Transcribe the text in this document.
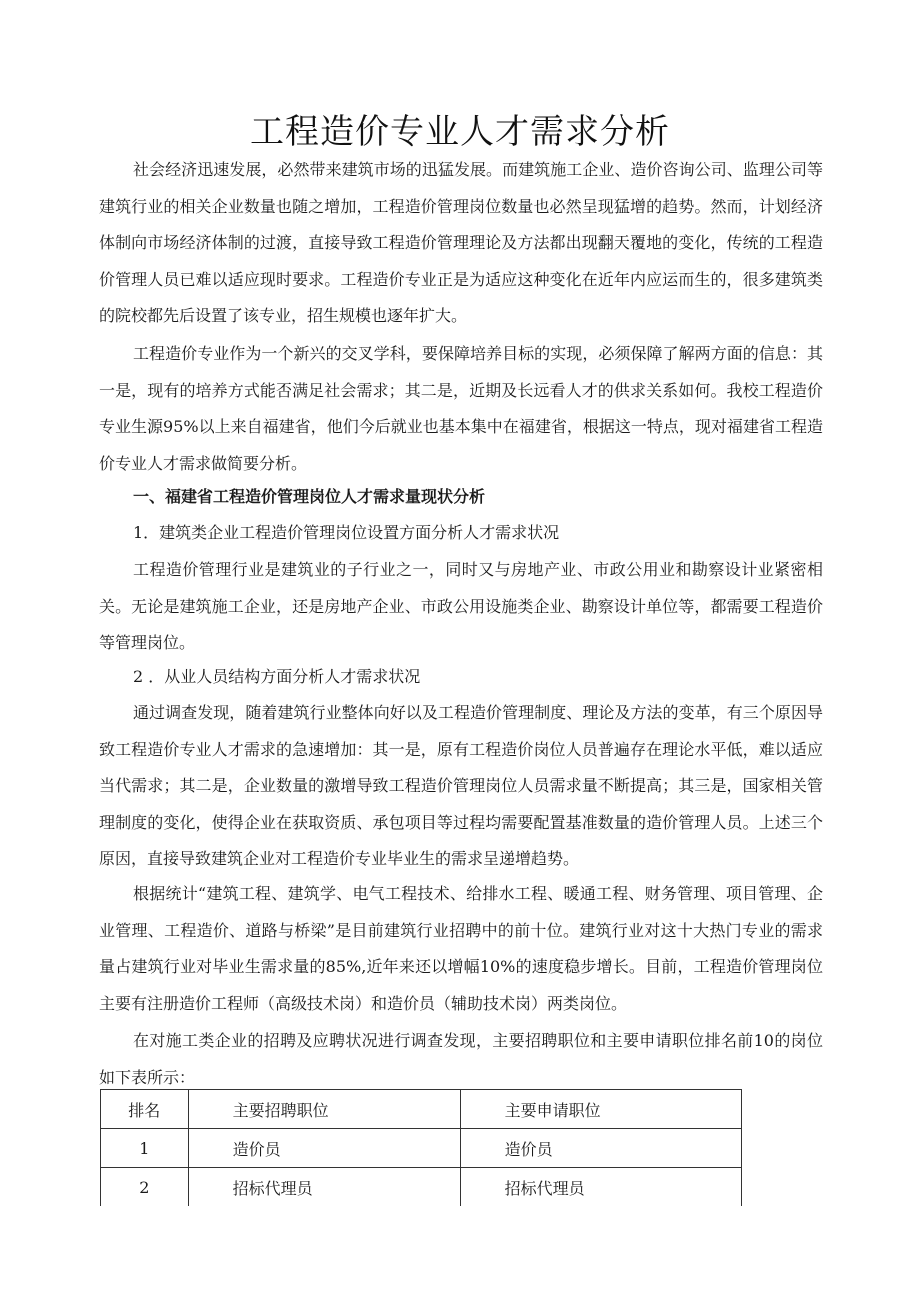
工程造价专业人才需求分析

社会经济迅速发展，必然带来建筑市场的迅猛发展。而建筑施工企业、造价咨询公司、监理公司等建筑行业的相关企业数量也随之增加，工程造价管理岗位数量也必然呈现猛增的趋势。然而，计划经济体制向市场经济体制的过渡，直接导致工程造价管理理论及方法都出现翻天覆地的变化，传统的工程造价管理人员已难以适应现时要求。工程造价专业正是为适应这种变化在近年内应运而生的，很多建筑类的院校都先后设置了该专业，招生规模也逐年扩大。

工程造价专业作为一个新兴的交叉学科，要保障培养目标的实现，必须保障了解两方面的信息：其一是，现有的培养方式能否满足社会需求；其二是，近期及长远看人才的供求关系如何。我校工程造价专业生源95%以上来自福建省，他们今后就业也基本集中在福建省，根据这一特点，现对福建省工程造价专业人才需求做简要分析。

一、福建省工程造价管理岗位人才需求量现状分析

1．建筑类企业工程造价管理岗位设置方面分析人才需求状况

工程造价管理行业是建筑业的子行业之一，同时又与房地产业、市政公用业和勘察设计业紧密相关。无论是建筑施工企业，还是房地产企业、市政公用设施类企业、勘察设计单位等，都需要工程造价等管理岗位。

2 ．从业人员结构方面分析人才需求状况

通过调查发现，随着建筑行业整体向好以及工程造价管理制度、理论及方法的变革，有三个原因导致工程造价专业人才需求的急速增加：其一是，原有工程造价岗位人员普遍存在理论水平低，难以适应当代需求；其二是，企业数量的激增导致工程造价管理岗位人员需求量不断提高；其三是，国家相关管理制度的变化，使得企业在获取资质、承包项目等过程均需要配置基准数量的造价管理人员。上述三个原因，直接导致建筑企业对工程造价专业毕业生的需求呈递增趋势。

根据统计“建筑工程、建筑学、电气工程技术、给排水工程、暖通工程、财务管理、项目管理、企业管理、工程造价、道路与桥梁”是目前建筑行业招聘中的前十位。建筑行业对这十大热门专业的需求量占建筑行业对毕业生需求量的85%,近年来还以增幅10%的速度稳步增长。目前，工程造价管理岗位主要有注册造价工程师（高级技术岗）和造价员（辅助技术岗）两类岗位。

在对施工类企业的招聘及应聘状况进行调查发现，主要招聘职位和主要申请职位排名前10的岗位如下表所示：

排名	主要招聘职位	主要申请职位
1	造价员	造价员
2	招标代理员	招标代理员
